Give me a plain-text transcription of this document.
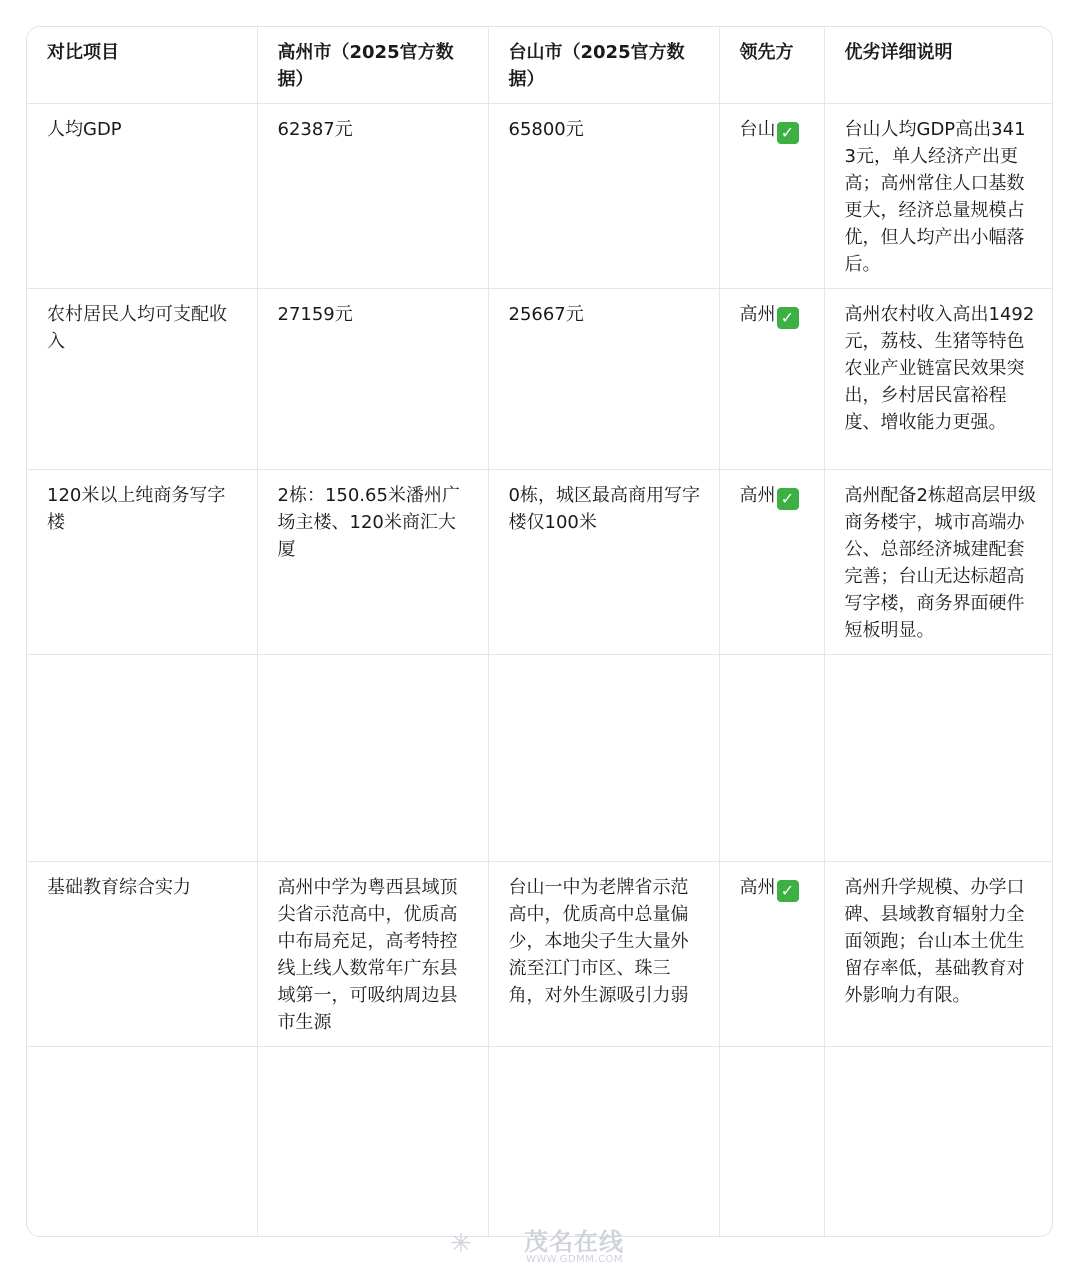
对比项目	高州市（2025官方数据）	台山市（2025官方数据）	领先方	优劣详细说明
人均GDP	62387元	65800元	台山 ✓	台山人均GDP高出3413元，单人经济产出更高；高州常住人口基数更大，经济总量规模占优，但人均产出小幅落后。
农村居民人均可支配收入	27159元	25667元	高州 ✓	高州农村收入高出1492元，荔枝、生猪等特色农业产业链富民效果突出，乡村居民富裕程度、增收能力更强。
120米以上纯商务写字楼	2栋：150.65米潘州广场主楼、120米商汇大厦	0栋，城区最高商用写字楼仅100米	高州 ✓	高州配备2栋超高层甲级商务楼宇，城市高端办公、总部经济城建配套完善；台山无达标超高写字楼，商务界面硬件短板明显。

基础教育综合实力	高州中学为粤西县域顶尖省示范高中，优质高中布局充足，高考特控线上线人数常年广东县域第一，可吸纳周边县市生源	台山一中为老牌省示范高中，优质高中总量偏少，本地尖子生大量外流至江门市区、珠三角，对外生源吸引力弱	高州 ✓	高州升学规模、办学口碑、县域教育辐射力全面领跑；台山本土优生留存率低，基础教育对外影响力有限。

✳ 茂名在线
WWW.GDMM.COM
